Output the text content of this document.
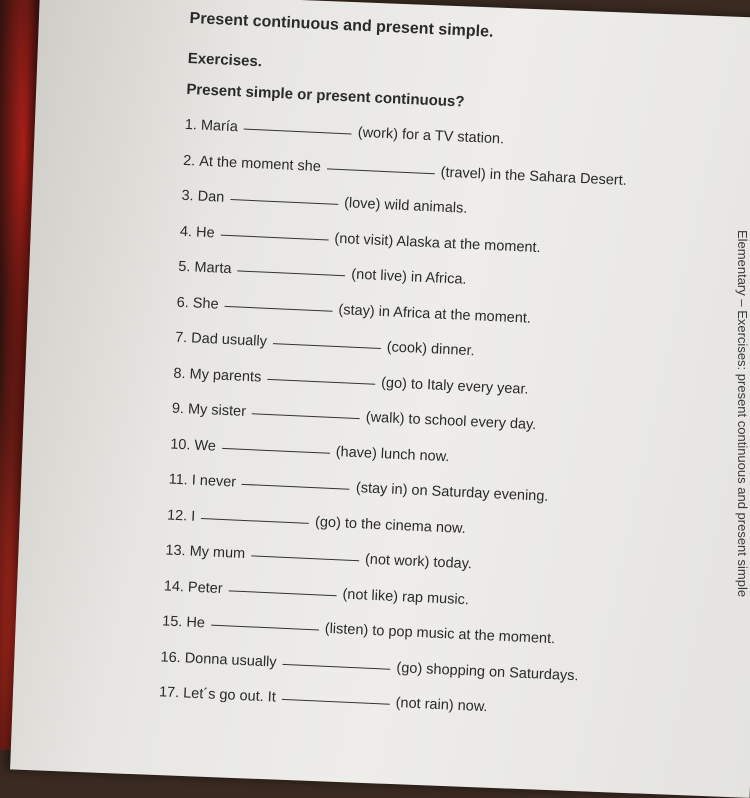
Present continuous and present simple.
Exercises.
Present simple or present continuous?
1. María	(work) for a TV station.
2. At the moment she
(travel) in the Sahara Desert.
3. Dan	(love) wild animals.
4. He	(not visit) Alaska at the moment.
5. Marta	(not live) in Africa.
6. She	(stay) in Africa at the moment.
7. Dad usually	(cook) dinner.
8. My parents	(go) to Italy every year.
9. My sister	(walk) to school every day.
10. We	(have) lunch now.
11. I never	(stay in) on Saturday evening.
12. I	(go) to the cinema now.
13. My mum	(not work) today.
14. Peter	(not like) rap music.
15. He	(listen) to pop music at the moment.
16. Donna usually	(go) shopping on Saturdays.
17. Let´s go out. It	(not rain) now.
Elementary – Exercises: present continuous and present simple
